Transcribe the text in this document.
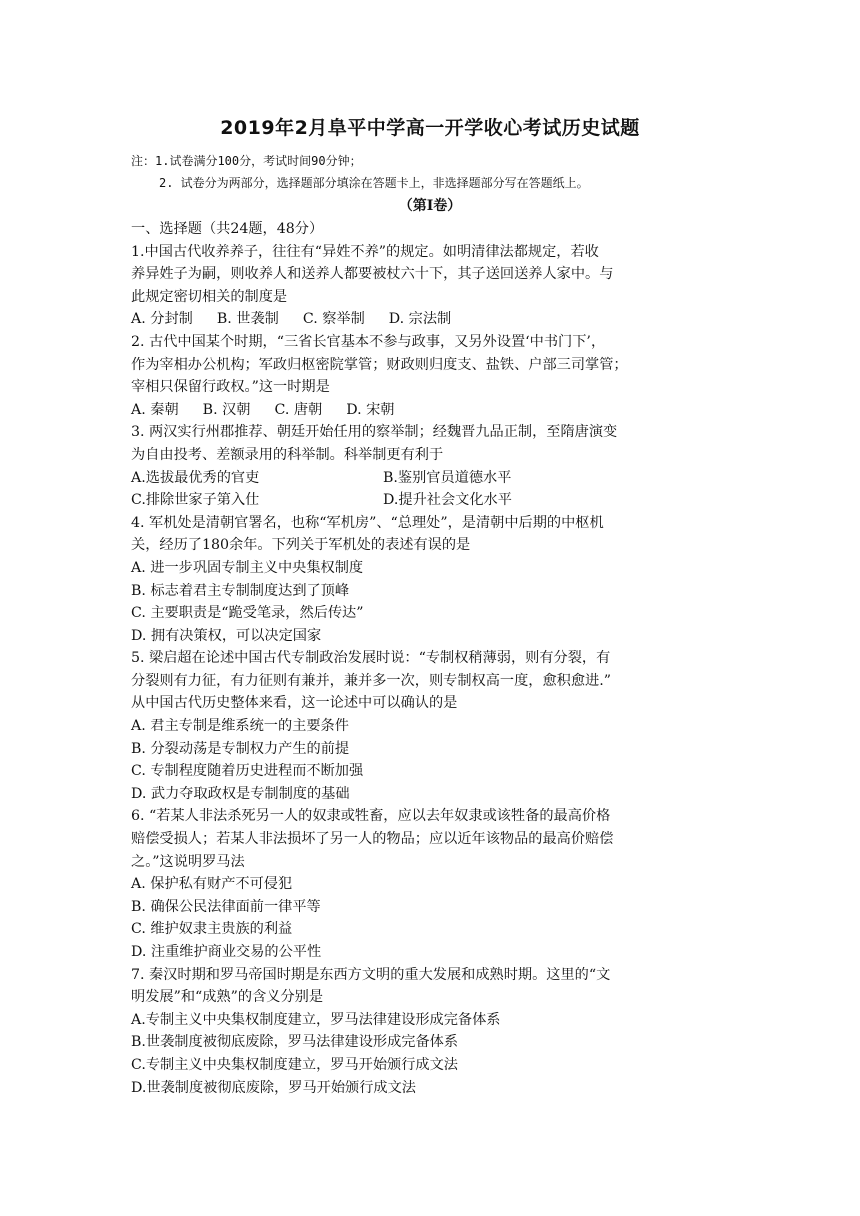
2019年2月阜平中学高一开学收心考试历史试题
注：1.试卷满分100分，考试时间90分钟；
2. 试卷分为两部分，选择题部分填涂在答题卡上，非选择题部分写在答题纸上。
（第Ⅰ卷）
一、选择题（共24题，48分）
1.中国古代收养养子，往往有“异姓不养”的规定。如明清律法都规定，若收
养异姓子为嗣，则收养人和送养人都要被杖六十下，其子送回送养人家中。与
此规定密切相关的制度是
A. 分封制 B. 世袭制 C. 察举制 D. 宗法制
2. 古代中国某个时期，“三省长官基本不参与政事，又另外设置‘中书门下’，
作为宰相办公机构；军政归枢密院掌管；财政则归度支、盐铁、户部三司掌管；
宰相只保留行政权。”这一时期是
A. 秦朝 B. 汉朝 C. 唐朝 D. 宋朝
3. 两汉实行州郡推荐、朝廷开始任用的察举制；经魏晋九品正制，至隋唐演变
为自由投考、差额录用的科举制。科举制更有利于
A.选拔最优秀的官吏	B.鉴别官员道德水平
C.排除世家子第入仕	D.提升社会文化水平
4. 军机处是清朝官署名，也称“军机房”、“总理处”，是清朝中后期的中枢机
关，经历了180余年。下列关于军机处的表述有误的是
A. 进一步巩固专制主义中央集权制度
B. 标志着君主专制制度达到了顶峰
C. 主要职责是“跪受笔录，然后传达”
D. 拥有决策权，可以决定国家
5. 梁启超在论述中国古代专制政治发展时说：“专制权稍薄弱，则有分裂，有
分裂则有力征，有力征则有兼并，兼并多一次，则专制权高一度，愈积愈进.”
从中国古代历史整体来看，这一论述中可以确认的是
A. 君主专制是维系统一的主要条件
B. 分裂动荡是专制权力产生的前提
C. 专制程度随着历史进程而不断加强
D. 武力夺取政权是专制制度的基础
6. “若某人非法杀死另一人的奴隶或牲畜，应以去年奴隶或该牲备的最高价格
赔偿受损人；若某人非法损坏了另一人的物品；应以近年该物品的最高价赔偿
之。”这说明罗马法
A. 保护私有财产不可侵犯
B. 确保公民法律面前一律平等
C. 维护奴隶主贵族的利益
D. 注重维护商业交易的公平性
7. 秦汉时期和罗马帝国时期是东西方文明的重大发展和成熟时期。这里的“文
明发展”和“成熟”的含义分别是
A.专制主义中央集权制度建立，罗马法律建设形成完备体系
B.世袭制度被彻底废除，罗马法律建设形成完备体系
C.专制主义中央集权制度建立，罗马开始颁行成文法
D.世袭制度被彻底废除，罗马开始颁行成文法
